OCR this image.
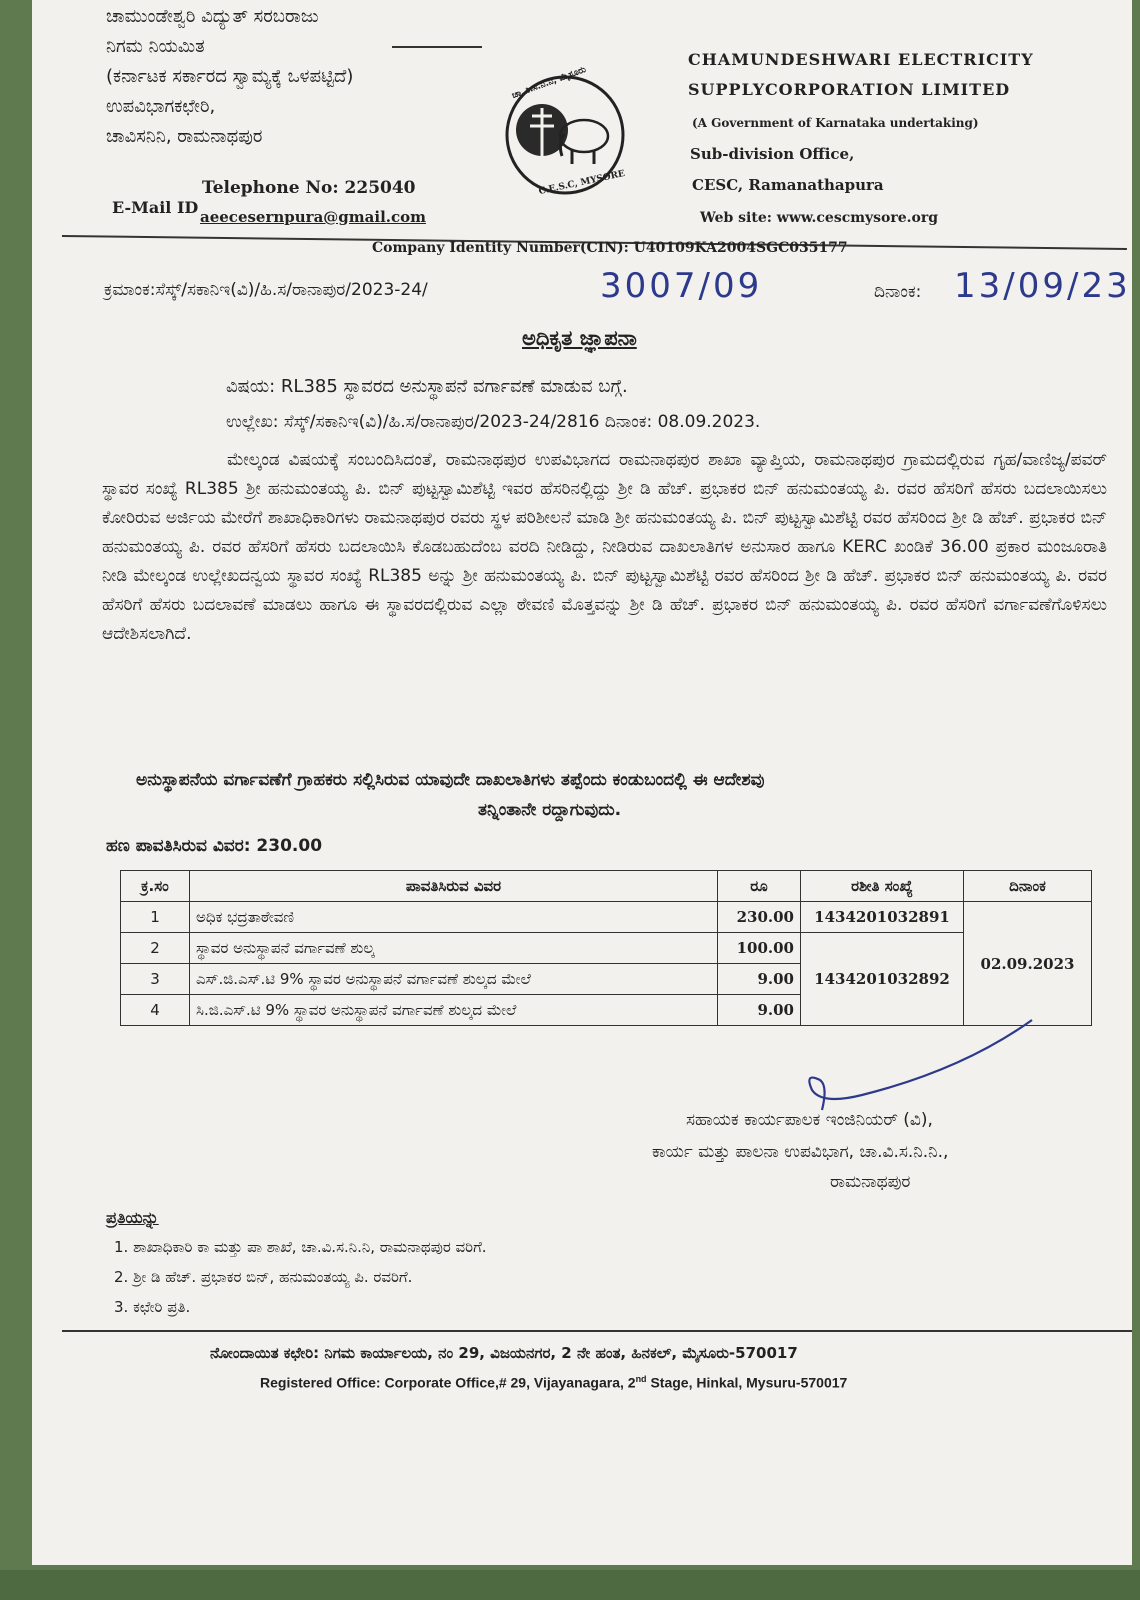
ಚಾಮುಂಡೇಶ್ವರಿ ವಿದ್ಯುತ್ ಸರಬರಾಜು
ನಿಗಮ ನಿಯಮಿತ
(ಕರ್ನಾಟಕ ಸರ್ಕಾರದ ಸ್ವಾಮ್ಯಕ್ಕೆ ಒಳಪಟ್ಟಿದೆ)
ಉಪವಿಭಾಗಕಛೇರಿ,
ಚಾವಿಸನಿನಿ, ರಾಮನಾಥಪುರ
Telephone No: 225040
E-Mail ID aeecesernpura@gmail.com
ಚಾ.ವಿ.ಸ.ನಿ.ನಿ, ಮೈಸೂರು
C.E.S.C, MYSORE
CHAMUNDESHWARI ELECTRICITY
SUPPLYCORPORATION LIMITED
(A Government of Karnataka undertaking)
Sub-division Office,
CESC, Ramanathapura
Web site: www.cescmysore.org
Company Identity Number(CIN): U40109KA2004SGC035177
ಕ್ರಮಾಂಕ:ಸೆಸ್ಕ್/ಸಕಾನಿಇ(ವಿ)/ಹಿ.ಸ/ರಾನಾಪುರ/2023-24/	3007/09	ದಿನಾಂಕ: 13/09/23
ಅಧಿಕೃತ ಜ್ಞಾಪನಾ
ವಿಷಯ: RL385 ಸ್ಥಾವರದ ಅನುಸ್ಥಾಪನೆ ವರ್ಗಾವಣೆ ಮಾಡುವ ಬಗ್ಗೆ.
ಉಲ್ಲೇಖ: ಸೆಸ್ಕ್/ಸಕಾನಿಇ(ವಿ)/ಹಿ.ಸ/ರಾನಾಪುರ/2023-24/2816 ದಿನಾಂಕ: 08.09.2023.
ಮೇಲ್ಕಂಡ ವಿಷಯಕ್ಕೆ ಸಂಬಂದಿಸಿದಂತೆ, ರಾಮನಾಥಪುರ ಉಪವಿಭಾಗದ ರಾಮನಾಥಪುರ ಶಾಖಾ ವ್ಯಾಪ್ತಿಯ, ರಾಮನಾಥಪುರ ಗ್ರಾಮದಲ್ಲಿರುವ ಗೃಹ/ವಾಣಿಜ್ಯ/ಪವರ್ ಸ್ಥಾವರ ಸಂಖ್ಯೆ RL385 ಶ್ರೀ ಹನುಮಂತಯ್ಯ ಪಿ. ಬಿನ್ ಪುಟ್ಟಸ್ವಾಮಿಶೆಟ್ಟಿ ಇವರ ಹೆಸರಿನಲ್ಲಿದ್ದು ಶ್ರೀ ಡಿ ಹೆಚ್. ಪ್ರಭಾಕರ ಬಿನ್ ಹನುಮಂತಯ್ಯ ಪಿ. ರವರ ಹೆಸರಿಗೆ ಹೆಸರು ಬದಲಾಯಿಸಲು ಕೋರಿರುವ ಅರ್ಜಿಯ ಮೇರೆಗೆ ಶಾಖಾಧಿಕಾರಿಗಳು ರಾಮನಾಥಪುರ ರವರು ಸ್ಥಳ ಪರಿಶೀಲನೆ ಮಾಡಿ ಶ್ರೀ ಹನುಮಂತಯ್ಯ ಪಿ. ಬಿನ್ ಪುಟ್ಟಸ್ವಾಮಿಶೆಟ್ಟಿ ರವರ ಹೆಸರಿಂದ ಶ್ರೀ ಡಿ ಹೆಚ್. ಪ್ರಭಾಕರ ಬಿನ್ ಹನುಮಂತಯ್ಯ ಪಿ. ರವರ ಹೆಸರಿಗೆ ಹೆಸರು ಬದಲಾಯಿಸಿ ಕೊಡಬಹುದೆಂಬ ವರದಿ ನೀಡಿದ್ದು, ನೀಡಿರುವ ದಾಖಲಾತಿಗಳ ಅನುಸಾರ ಹಾಗೂ KERC ಖಂಡಿಕೆ 36.00 ಪ್ರಕಾರ ಮಂಜೂರಾತಿ ನೀಡಿ ಮೇಲ್ಕಂಡ ಉಲ್ಲೇಖದನ್ವಯ ಸ್ಥಾವರ ಸಂಖ್ಯೆ RL385 ಅನ್ನು ಶ್ರೀ ಹನುಮಂತಯ್ಯ ಪಿ. ಬಿನ್ ಪುಟ್ಟಸ್ವಾಮಿಶೆಟ್ಟಿ ರವರ ಹೆಸರಿಂದ ಶ್ರೀ ಡಿ ಹೆಚ್. ಪ್ರಭಾಕರ ಬಿನ್ ಹನುಮಂತಯ್ಯ ಪಿ. ರವರ ಹೆಸರಿಗೆ ಹೆಸರು ಬದಲಾವಣೆ ಮಾಡಲು ಹಾಗೂ ಈ ಸ್ಥಾವರದಲ್ಲಿರುವ ಎಲ್ಲಾ ಠೇವಣಿ ಮೊತ್ತವನ್ನು ಶ್ರೀ ಡಿ ಹೆಚ್. ಪ್ರಭಾಕರ ಬಿನ್ ಹನುಮಂತಯ್ಯ ಪಿ. ರವರ ಹೆಸರಿಗೆ ವರ್ಗಾವಣೆಗೊಳಿಸಲು ಆದೇಶಿಸಲಾಗಿದೆ.
ಅನುಸ್ಥಾಪನೆಯ ವರ್ಗಾವಣೆಗೆ ಗ್ರಾಹಕರು ಸಲ್ಲಿಸಿರುವ ಯಾವುದೇ ದಾಖಲಾತಿಗಳು ತಪ್ಪೆಂದು ಕಂಡುಬಂದಲ್ಲಿ ಈ ಆದೇಶವು
ತನ್ನಿಂತಾನೇ ರದ್ದಾಗುವುದು.
ಹಣ ಪಾವತಿಸಿರುವ ವಿವರ: 230.00
ಕ್ರ.ಸಂ	ಪಾವತಿಸಿರುವ ವಿವರ	ರೂ	ರಶೀತಿ ಸಂಖ್ಯೆ	ದಿನಾಂಕ
1	ಅಧಿಕ ಭದ್ರತಾಠೇವಣಿ	230.00	1434201032891	02.09.2023
2	ಸ್ಥಾವರ ಅನುಸ್ಥಾಪನೆ ವರ್ಗಾವಣೆ ಶುಲ್ಕ	100.00	1434201032892	
3	ಎಸ್.ಜಿ.ಎಸ್.ಟಿ 9% ಸ್ಥಾವರ ಅನುಸ್ಥಾಪನೆ ವರ್ಗಾವಣೆ ಶುಲ್ಕದ ಮೇಲೆ	9.00		
4	ಸಿ.ಜಿ.ಎಸ್.ಟಿ 9% ಸ್ಥಾವರ ಅನುಸ್ಥಾಪನೆ ವರ್ಗಾವಣೆ ಶುಲ್ಕದ ಮೇಲೆ	9.00		
ಸಹಾಯಕ ಕಾರ್ಯಪಾಲಕ ಇಂಜಿನಿಯರ್ (ವಿ),
ಕಾರ್ಯ ಮತ್ತು ಪಾಲನಾ ಉಪವಿಭಾಗ, ಚಾ.ವಿ.ಸ.ನಿ.ನಿ.,
ರಾಮನಾಥಪುರ
ಪ್ರತಿಯನ್ನು
1. ಶಾಖಾಧಿಕಾರಿ ಕಾ ಮತ್ತು ಪಾ ಶಾಖೆ, ಚಾ.ವಿ.ಸ.ನಿ.ನಿ, ರಾಮನಾಥಪುರ ವರಿಗೆ.
2. ಶ್ರೀ ಡಿ ಹೆಚ್. ಪ್ರಭಾಕರ ಬಿನ್, ಹನುಮಂತಯ್ಯ ಪಿ. ರವರಿಗೆ.
3. ಕಛೇರಿ ಪ್ರತಿ.
ನೋಂದಾಯಿತ ಕಛೇರಿ: ನಿಗಮ ಕಾರ್ಯಾಲಯ, ನಂ 29, ವಿಜಯನಗರ, 2 ನೇ ಹಂತ, ಹಿನಕಲ್, ಮೈಸೂರು-570017
Registered Office: Corporate Office,# 29, Vijayanagara, 2nd Stage, Hinkal, Mysuru-570017
